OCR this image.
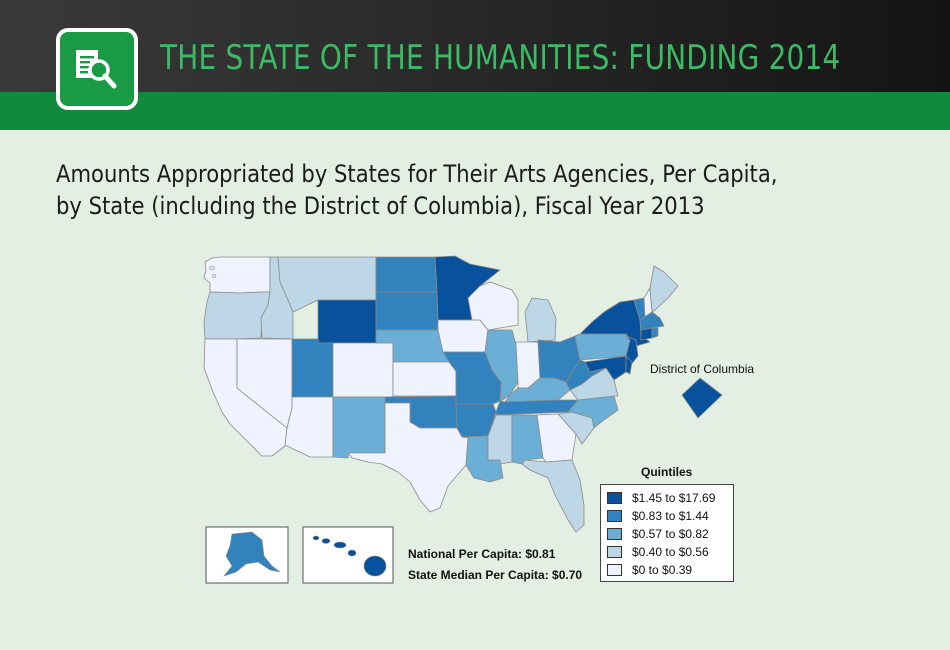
THE STATE OF THE HUMANITIES: FUNDING 2014
Amounts Appropriated by States for Their Arts Agencies, Per Capita,
by State (including the District of Columbia), Fiscal Year 2013
District of Columbia
National Per Capita: $0.81
State Median Per Capita: $0.70
Quintiles
$1.45 to $17.69
$0.83 to $1.44
$0.57 to $0.82
$0.40 to $0.56
$0 to $0.39
